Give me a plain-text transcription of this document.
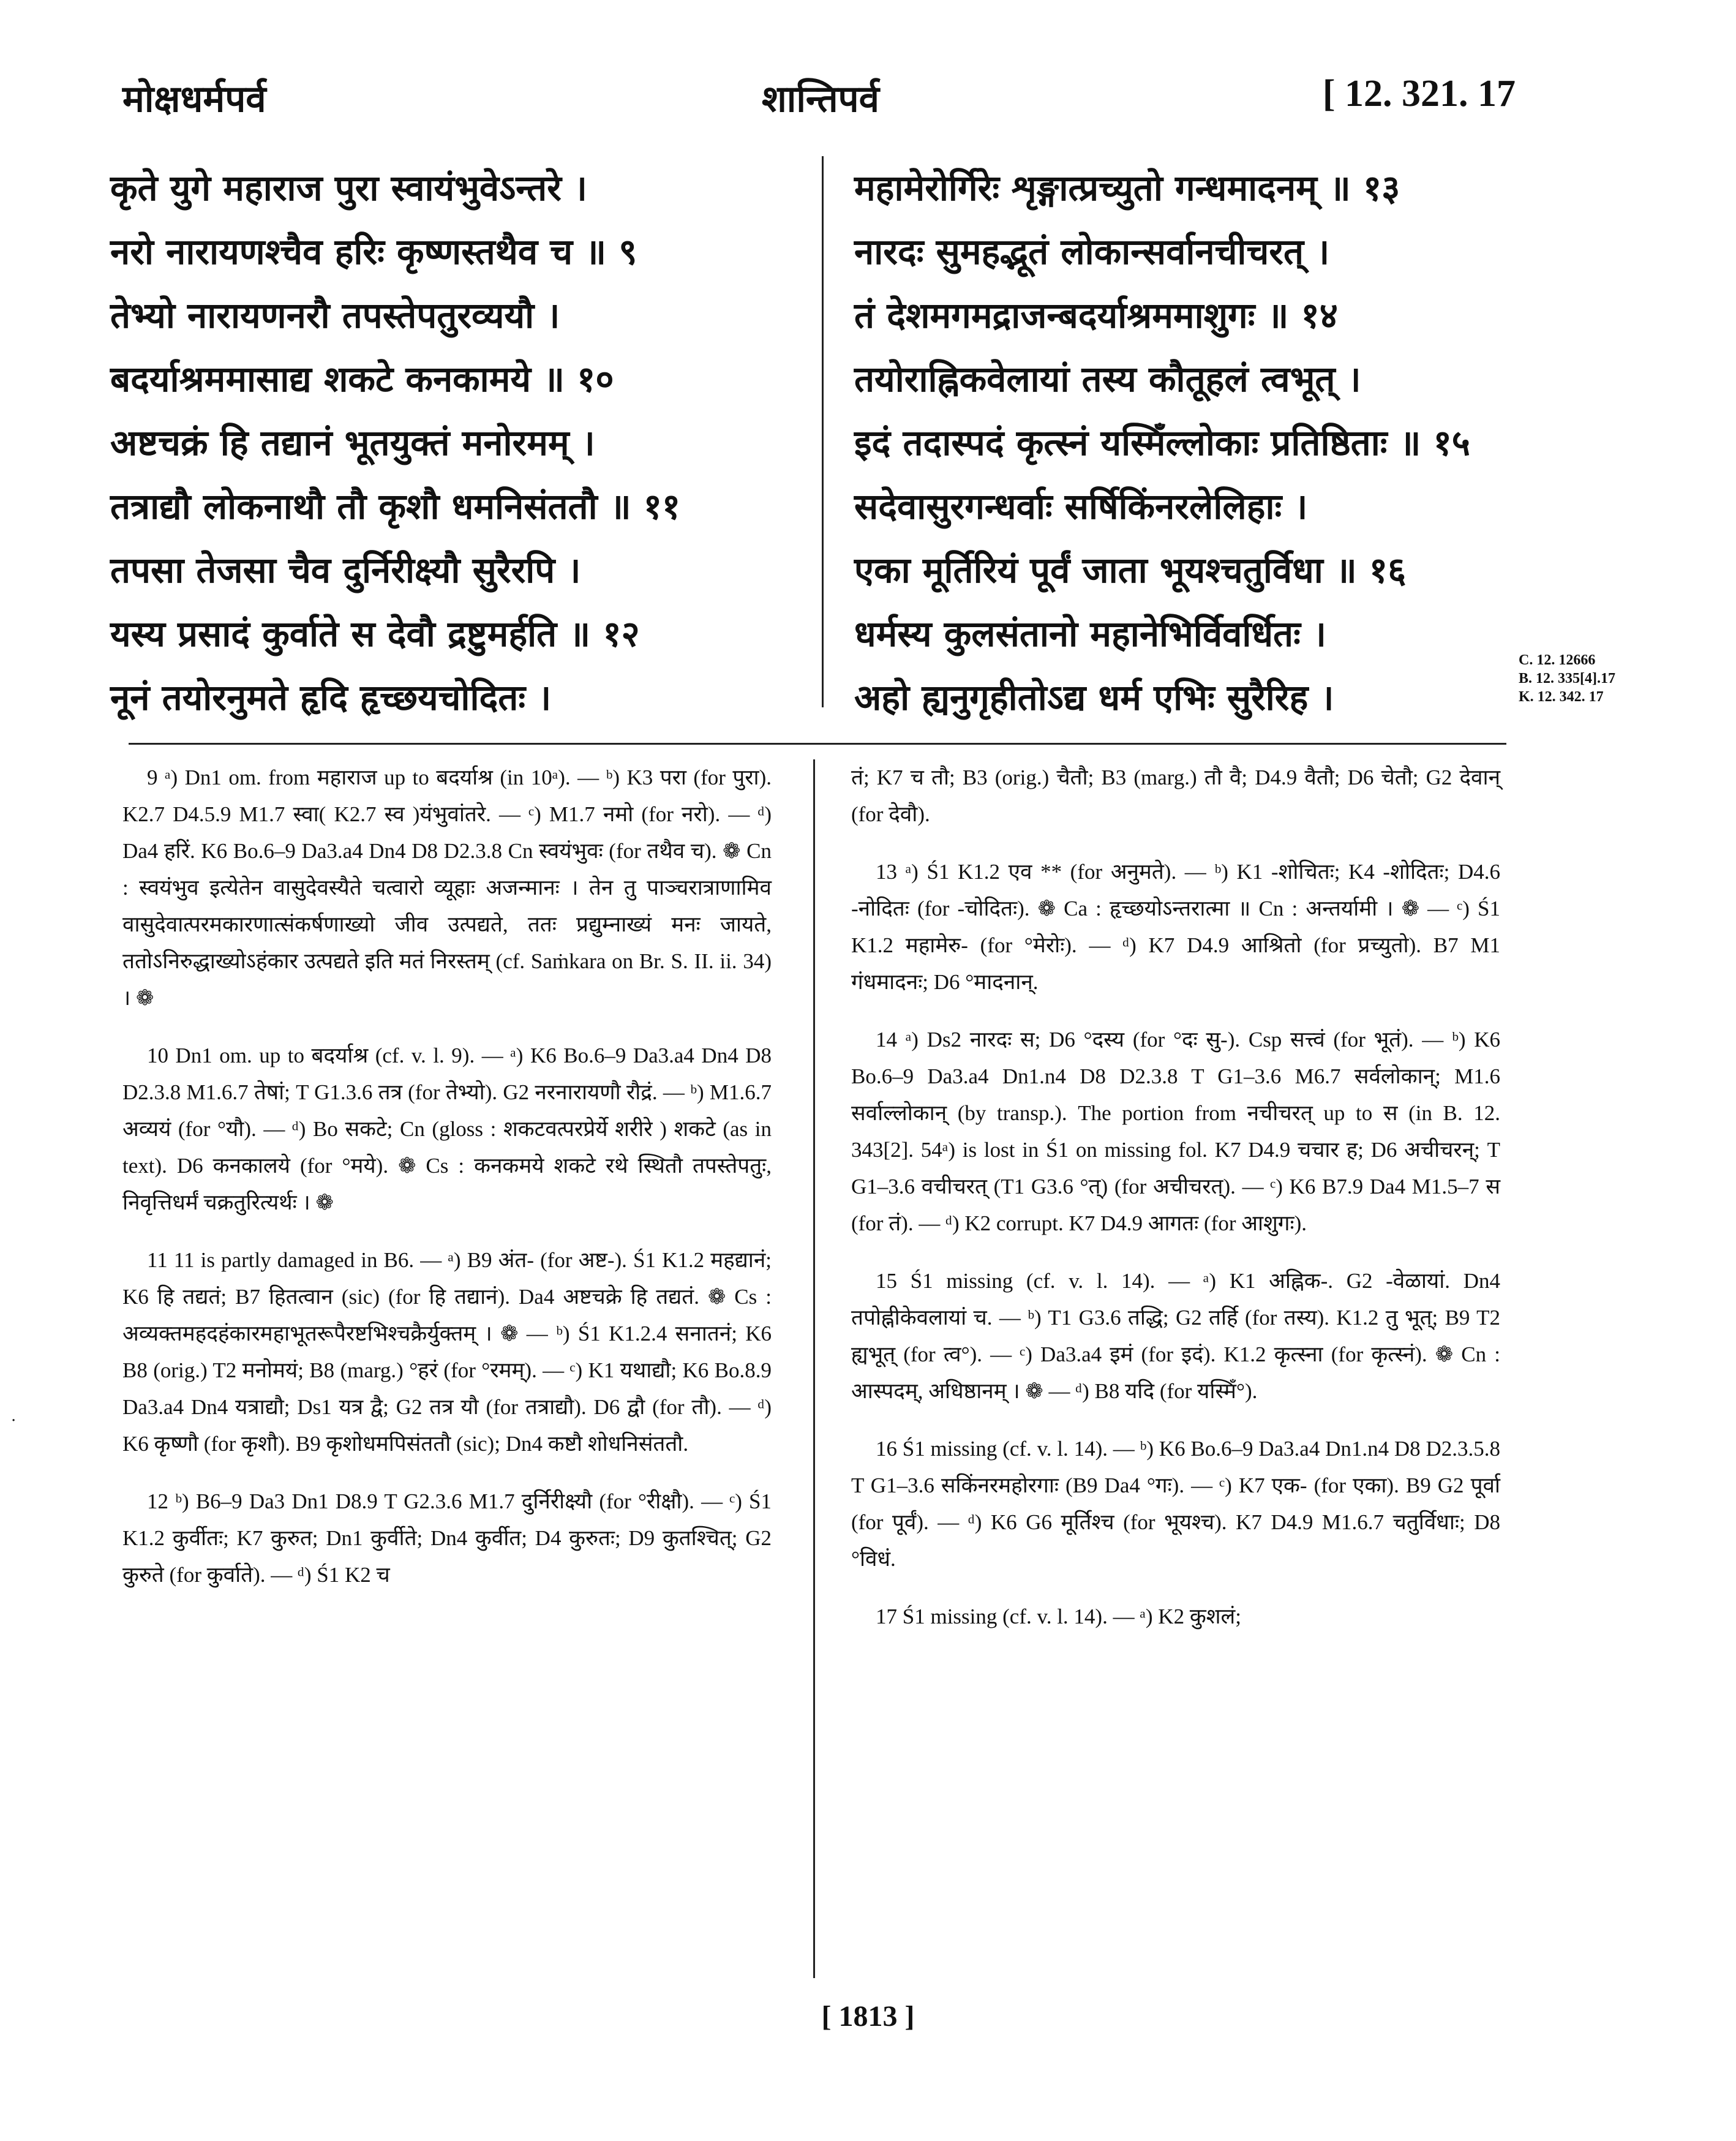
मोक्षधर्मपर्व	शान्तिपर्व	[ 12. 321. 17
कृते युगे महाराज पुरा स्वायंभुवेऽन्तरे ।
नरो नारायणश्चैव हरिः कृष्णस्तथैव च ॥ ९
तेभ्यो नारायणनरौ तपस्तेपतुरव्ययौ ।
बदर्याश्रममासाद्य शकटे कनकामये ॥ १०
अष्टचक्रं हि तद्यानं भूतयुक्तं मनोरमम् ।
तत्राद्यौ लोकनाथौ तौ कृशौ धमनिसंततौ ॥ ११
तपसा तेजसा चैव दुर्निरीक्ष्यौ सुरैरपि ।
यस्य प्रसादं कुर्वाते स देवौ द्रष्टुमर्हति ॥ १२
नूनं तयोरनुमते हृदि हृच्छयचोदितः ।
महामेरोर्गिरेः शृङ्गात्प्रच्युतो गन्धमादनम् ॥ १३
नारदः सुमहद्भूतं लोकान्सर्वानचीचरत् ।
तं देशमगमद्राजन्बदर्याश्रममाशुगः ॥ १४
तयोराह्निकवेलायां तस्य कौतूहलं त्वभूत् ।
इदं तदास्पदं कृत्स्नं यस्मिँल्लोकाः प्रतिष्ठिताः ॥ १५
सदेवासुरगन्धर्वाः सर्षिकिंनरलेलिहाः ।
एका मूर्तिरियं पूर्वं जाता भूयश्चतुर्विधा ॥ १६
धर्मस्य कुलसंतानो महानेभिर्विवर्धितः ।
अहो ह्यनुगृहीतोऽद्य धर्म एभिः सुरैरिह ।
C. 12. 12666
B. 12. 335[4].17
K. 12. 342. 17

9 ᵃ) Dn1 om. from महाराज up to बदर्याश्र (in 10ᵃ). — ᵇ) K3 परा (for पुरा). K2.7 D4.5.9 M1.7 स्वा( K2.7 स्व )यंभुवांतरे. — ᶜ) M1.7 नमो (for नरो). — ᵈ) Da4 हरिं. K6 Bo.6–9 Da3.a4 Dn4 D8 D2.3.8 Cn स्वयंभुवः (for तथैव च). ❁ Cn : स्वयंभुव इत्येतेन वासुदेवस्यैते चत्वारो व्यूहाः अजन्मानः । तेन तु पाञ्चरात्राणामिव वासुदेवात्परमकारणात्संकर्षणाख्यो जीव उत्पद्यते, ततः प्रद्युम्नाख्यं मनः जायते, ततोऽनिरुद्धाख्योऽहंकार उत्पद्यते इति मतं निरस्तम् (cf. Saṁkara on Br. S. II. ii. 34) । ❁

10 Dn1 om. up to बदर्याश्र (cf. v. l. 9). — ᵃ) K6 Bo.6–9 Da3.a4 Dn4 D8 D2.3.8 M1.6.7 तेषां; T G1.3.6 तत्र (for तेभ्यो). G2 नरनारायणौ रौद्रं. — ᵇ) M1.6.7 अव्ययं (for °यौ). — ᵈ) Bo सकटे; Cn (gloss : शकटवत्परप्रेर्ये शरीरे ) शकटे (as in text). D6 कनकालये (for °मये). ❁ Cs : कनकमये शकटे रथे स्थितौ तपस्तेपतुः, निवृत्तिधर्मं चक्रतुरित्यर्थः । ❁

11 11 is partly damaged in B6. — ᵃ) B9 अंत- (for अष्ट-). Ś1 K1.2 महद्यानं; K6 हि तद्यतं; B7 हितत्वान (sic) (for हि तद्यानं). Da4 अष्टचक्रे हि तद्यतं. ❁ Cs : अव्यक्तमहदहंकारमहाभूतरूपैरष्टभिश्चक्रैर्युक्तम् । ❁ — ᵇ) Ś1 K1.2.4 सनातनं; K6 B8 (orig.) T2 मनोमयं; B8 (marg.) °हरं (for °रमम्). — ᶜ) K1 यथाद्यौ; K6 Bo.8.9 Da3.a4 Dn4 यत्राद्यौ; Ds1 यत्र द्वै; G2 तत्र यौ (for तत्राद्यौ). D6 द्वौ (for तौ). — ᵈ) K6 कृष्णौ (for कृशौ). B9 कृशोधमपिसंततौ (sic); Dn4 कष्टौ शोधनिसंततौ.

12 ᵇ) B6–9 Da3 Dn1 D8.9 T G2.3.6 M1.7 दुर्निरीक्ष्यौ (for °रीक्षौ). — ᶜ) Ś1 K1.2 कुर्वीतः; K7 कुरुत; Dn1 कुर्वीते; Dn4 कुर्वीत; D4 कुरुतः; D9 कुतश्चित्; G2 कुरुते (for कुर्वाते). — ᵈ) Ś1 K2 च

तं; K7 च तौ; B3 (orig.) चैतौ; B3 (marg.) तौ वै; D4.9 वैतौ; D6 चेतौ; G2 देवान् (for देवौ).

13 ᵃ) Ś1 K1.2 एव ** (for अनुमते). — ᵇ) K1 -शोचितः; K4 -शोदितः; D4.6 -नोदितः (for -चोदितः). ❁ Ca : हृच्छयोऽन्तरात्मा ॥ Cn : अन्तर्यामी । ❁ — ᶜ) Ś1 K1.2 महामेरु- (for °मेरोः). — ᵈ) K7 D4.9 आश्रितो (for प्रच्युतो). B7 M1 गंधमादनः; D6 °मादनान्.

14 ᵃ) Ds2 नारदः स; D6 °दस्य (for °दः सु-). Csp सत्त्वं (for भूतं). — ᵇ) K6 Bo.6–9 Da3.a4 Dn1.n4 D8 D2.3.8 T G1–3.6 M6.7 सर्वलोकान्; M1.6 सर्वाल्लोकान् (by transp.). The portion from नचीचरत् up to स (in B. 12. 343[2]. 54ᵃ) is lost in Ś1 on missing fol. K7 D4.9 चचार ह; D6 अचीचरन्; T G1–3.6 वचीचरत् (T1 G3.6 °त्) (for अचीचरत्). — ᶜ) K6 B7.9 Da4 M1.5–7 स (for तं). — ᵈ) K2 corrupt. K7 D4.9 आगतः (for आशुगः).

15 Ś1 missing (cf. v. l. 14). — ᵃ) K1 अह्निक-. G2 -वेळायां. Dn4 तपोह्नीकेवलायां च. — ᵇ) T1 G3.6 तद्धि; G2 तर्हि (for तस्य). K1.2 तु भूत्; B9 T2 ह्यभूत् (for त्व°). — ᶜ) Da3.a4 इमं (for इदं). K1.2 कृत्स्ना (for कृत्स्नं). ❁ Cn : आस्पदम्, अधिष्ठानम् । ❁ — ᵈ) B8 यदि (for यस्मिँ°).

16 Ś1 missing (cf. v. l. 14). — ᵇ) K6 Bo.6–9 Da3.a4 Dn1.n4 D8 D2.3.5.8 T G1–3.6 सकिंनरमहोरगाः (B9 Da4 °गः). — ᶜ) K7 एक- (for एका). B9 G2 पूर्वा (for पूर्वं). — ᵈ) K6 G6 मूर्तिश्च (for भूयश्च). K7 D4.9 M1.6.7 चतुर्विधाः; D8 °विधं.

17 Ś1 missing (cf. v. l. 14). — ᵃ) K2 कुशलं;

·
[ 1813 ]
